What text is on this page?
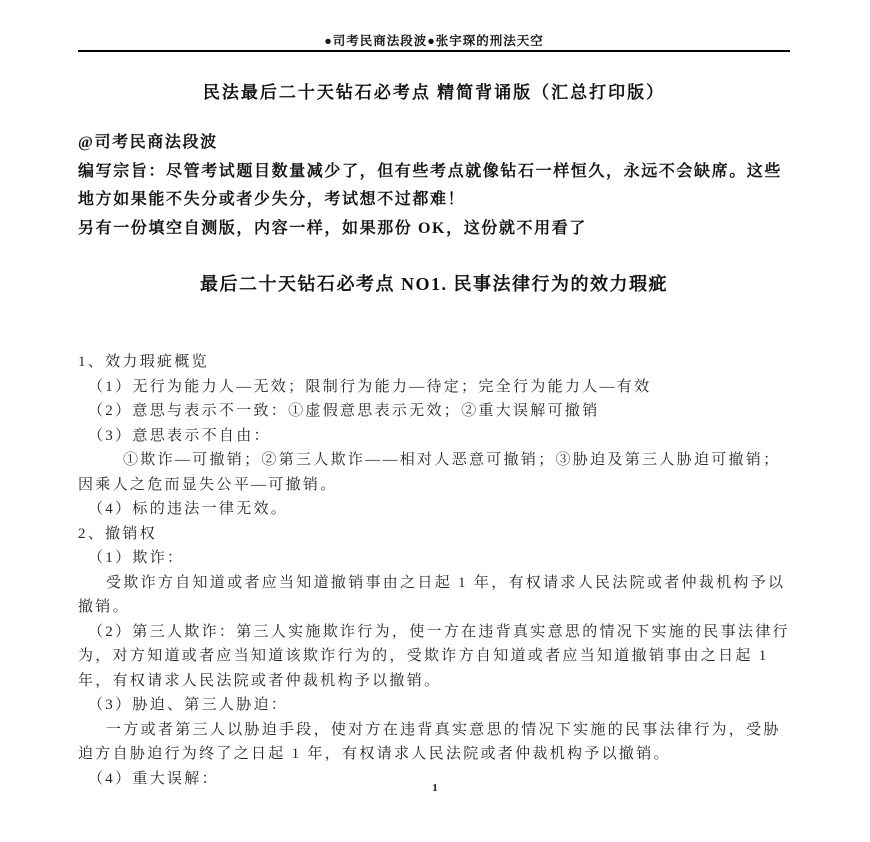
●司考民商法段波●张宇琛的刑法天空
民法最后二十天钻石必考点 精简背诵版（汇总打印版）
@司考民商法段波
编写宗旨：尽管考试题目数量减少了，但有些考点就像钻石一样恒久，永远不会缺席。这些
地方如果能不失分或者少失分，考试想不过都难！
另有一份填空自测版，内容一样，如果那份 OK，这份就不用看了
最后二十天钻石必考点 NO1. 民事法律行为的效力瑕疵
1、效力瑕疵概览
（1）无行为能力人—无效；限制行为能力—待定；完全行为能力人—有效
（2）意思与表示不一致：①虚假意思表示无效；②重大误解可撤销
（3）意思表示不自由：
①欺诈—可撤销；②第三人欺诈——相对人恶意可撤销；③胁迫及第三人胁迫可撤销；
因乘人之危而显失公平—可撤销。
（4）标的违法一律无效。
2、撤销权
（1）欺诈：
受欺诈方自知道或者应当知道撤销事由之日起 1 年，有权请求人民法院或者仲裁机构予以
撤销。
（2）第三人欺诈：第三人实施欺诈行为，使一方在违背真实意思的情况下实施的民事法律行
为，对方知道或者应当知道该欺诈行为的，受欺诈方自知道或者应当知道撤销事由之日起 1
年，有权请求人民法院或者仲裁机构予以撤销。
（3）胁迫、第三人胁迫：
一方或者第三人以胁迫手段，使对方在违背真实意思的情况下实施的民事法律行为，受胁
迫方自胁迫行为终了之日起 1 年，有权请求人民法院或者仲裁机构予以撤销。
（4）重大误解：
1
